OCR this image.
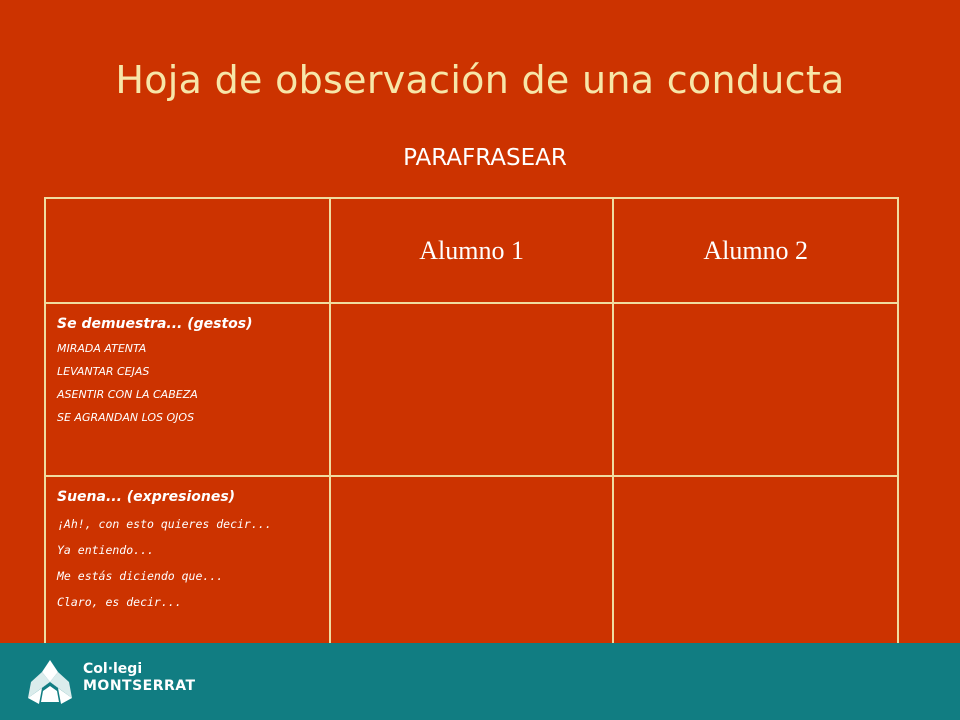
Hoja de observación de una conducta
PARAFRASEAR
	Alumno 1	Alumno 2

Se demuestra... (gestos)
MIRADA ATENTA
LEVANTAR CEJAS
ASENTIR CON LA CABEZA
SE AGRANDAN LOS OJOS		

Suena... (expresiones)
¡Ah!, con esto quieres decir...
Ya entiendo...
Me estás diciendo que...
Claro, es decir...		

Col·legi
MONTSERRAT
